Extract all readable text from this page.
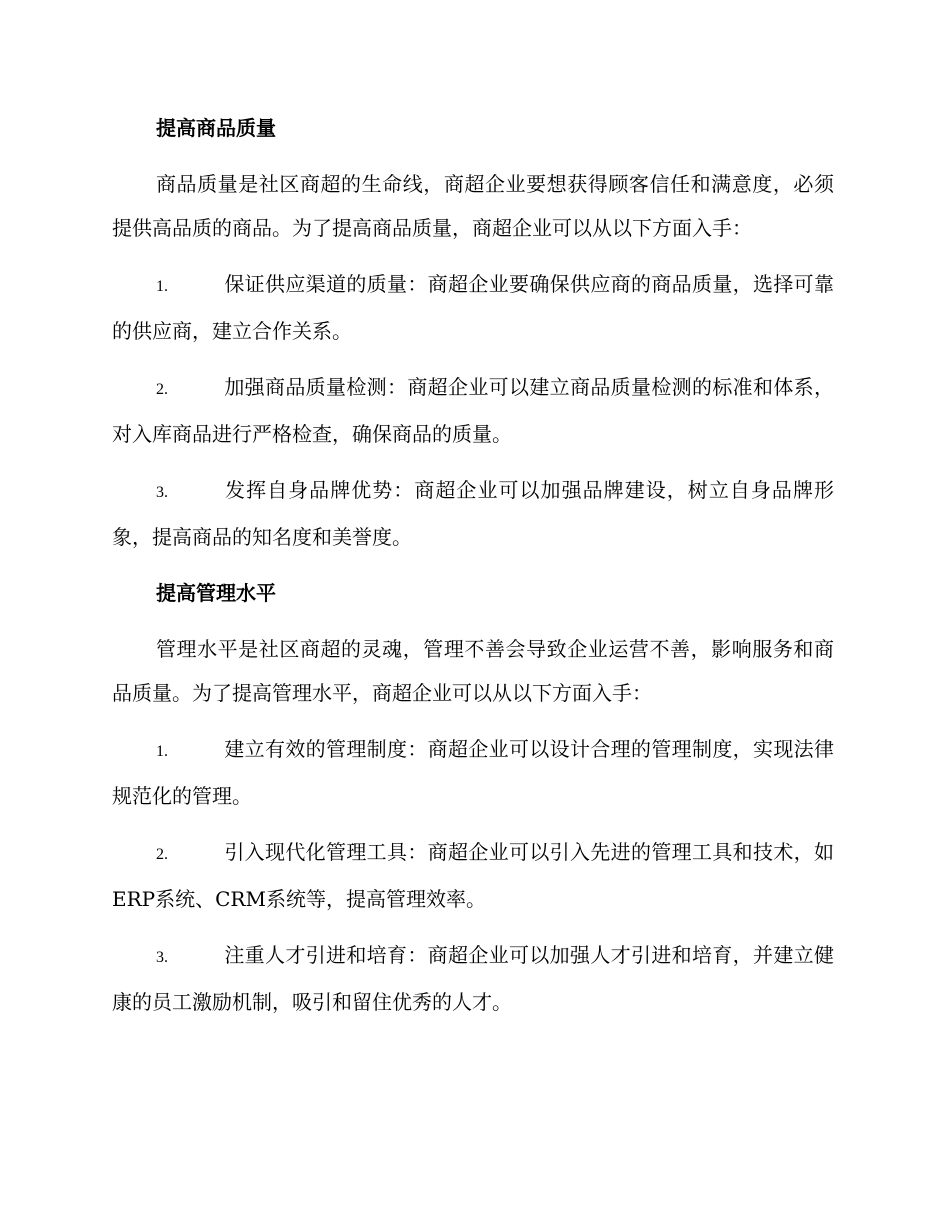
提高商品质量
商品质量是社区商超的生命线，商超企业要想获得顾客信任和满意度，必须提供高品质的商品。为了提高商品质量，商超企业可以从以下方面入手：
1.	保证供应渠道的质量：商超企业要确保供应商的商品质量，选择可靠的供应商，建立合作关系。
2.	加强商品质量检测：商超企业可以建立商品质量检测的标准和体系，对入库商品进行严格检查，确保商品的质量。
3.	发挥自身品牌优势：商超企业可以加强品牌建设，树立自身品牌形象，提高商品的知名度和美誉度。
提高管理水平
管理水平是社区商超的灵魂，管理不善会导致企业运营不善，影响服务和商品质量。为了提高管理水平，商超企业可以从以下方面入手：
1.	建立有效的管理制度：商超企业可以设计合理的管理制度，实现法律规范化的管理。
2.	引入现代化管理工具：商超企业可以引入先进的管理工具和技术，如ERP系统、CRM系统等，提高管理效率。
3.	注重人才引进和培育：商超企业可以加强人才引进和培育，并建立健康的员工激励机制，吸引和留住优秀的人才。
